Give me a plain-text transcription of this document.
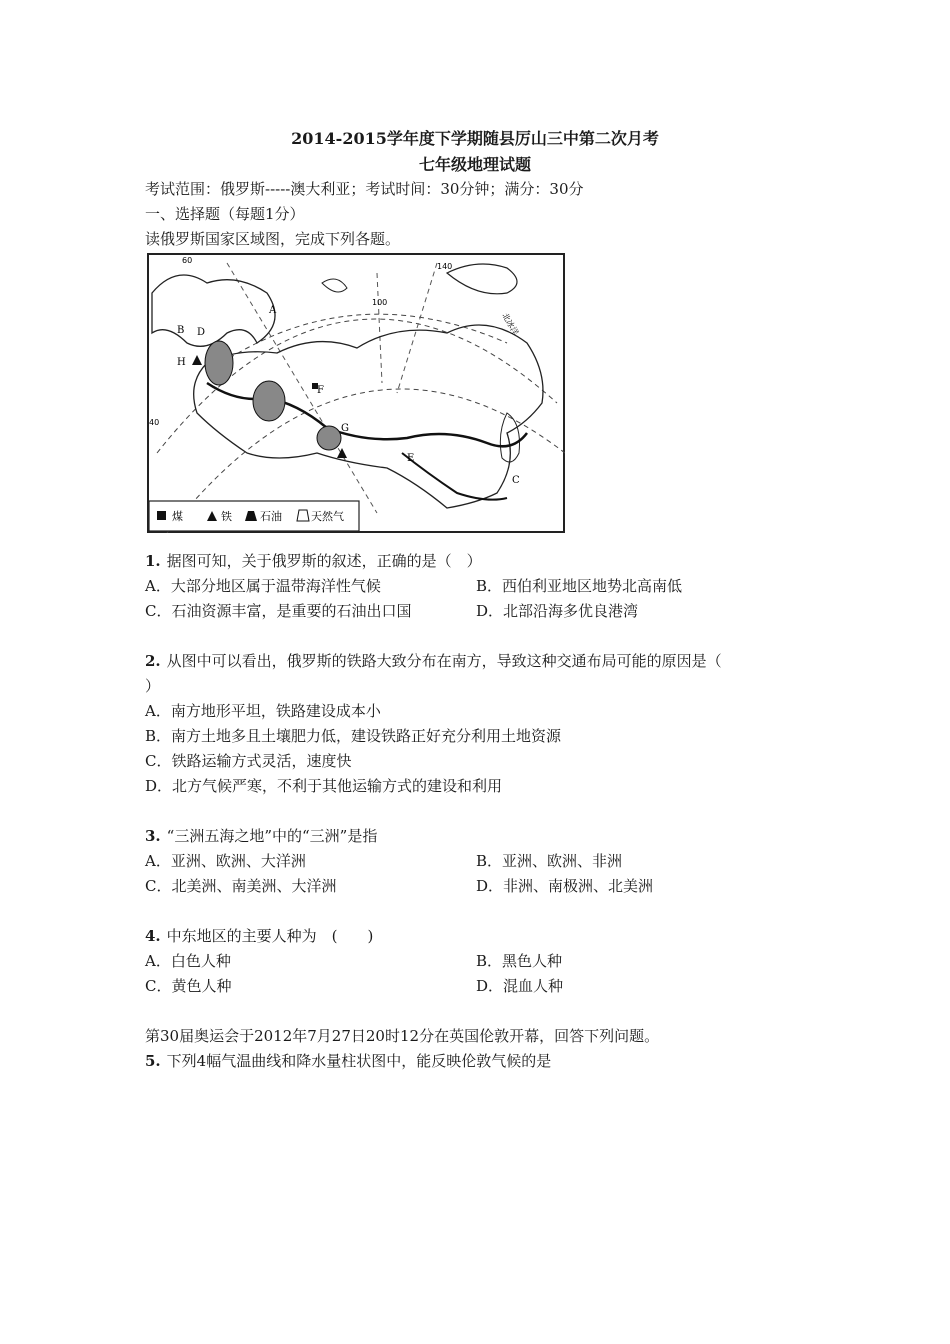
2014-2015学年度下学期随县厉山三中第二次月考
七年级地理试题
考试范围：俄罗斯-----澳大利亚；考试时间：30分钟；满分：30分
一、选择题（每题1分）
读俄罗斯国家区域图，完成下列各题。
A
B
C
D
E
F
G
H
60
100
140
40
北冰洋
煤	铁	石油	天然气
1. 据图可知，关于俄罗斯的叙述，正确的是（　）
A．大部分地区属于温带海洋性气候	B．西伯利亚地区地势北高南低
C．石油资源丰富，是重要的石油出口国	D．北部沿海多优良港湾
2. 从图中可以看出，俄罗斯的铁路大致分布在南方，导致这种交通布局可能的原因是（
）
A．南方地形平坦，铁路建设成本小
B．南方土地多且土壤肥力低，建设铁路正好充分利用土地资源
C．铁路运输方式灵活，速度快
D．北方气候严寒，不利于其他运输方式的建设和利用
3. “三洲五海之地”中的“三洲”是指
A．亚洲、欧洲、大洋洲	B．亚洲、欧洲、非洲
C．北美洲、南美洲、大洋洲	D．非洲、南极洲、北美洲
4. 中东地区的主要人种为　(　　)
A．白色人种	B．黑色人种
C．黄色人种	D．混血人种
第30届奥运会于2012年7月27日20时12分在英国伦敦开幕，回答下列问题。
5. 下列4幅气温曲线和降水量柱状图中，能反映伦敦气候的是
